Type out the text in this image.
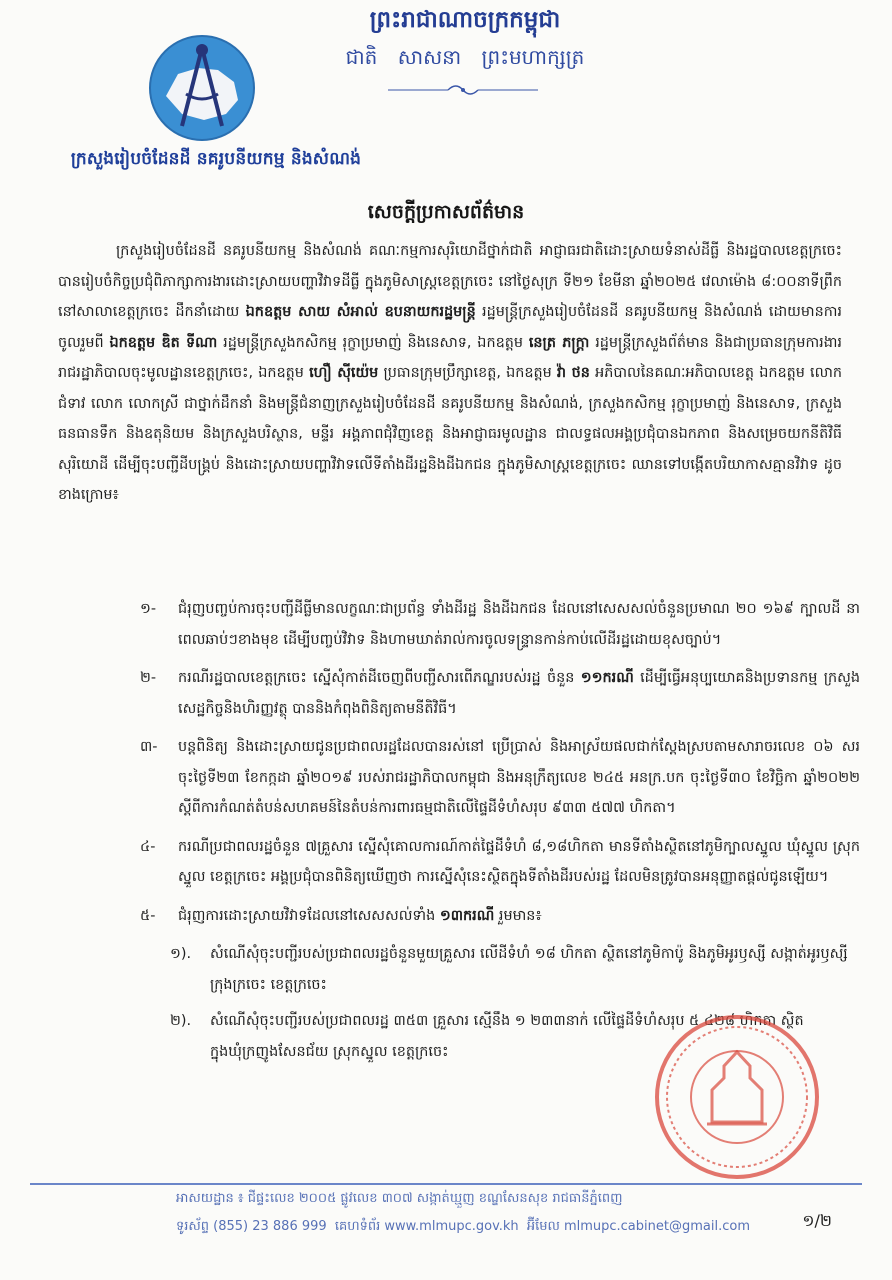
ក្រសួងរៀបចំដែនដី នគរូបនីយកម្ម និងសំណង់
ព្រះរាជាណាចក្រកម្ពុជា
ជាតិ សាសនា ព្រះមហាក្សត្រ
សេចក្តីប្រកាសព័ត៌មាន

ក្រសួងរៀបចំដែនដី នគរូបនីយកម្ម និងសំណង់ គណៈកម្មការសុរិយោដីថ្នាក់ជាតិ អាជ្ញាធរជាតិដោះស្រាយទំនាស់ដីធ្លី និងរដ្ឋបាលខេត្តក្រចេះ បានរៀបចំកិច្ចប្រជុំពិភាក្សាការងារដោះស្រាយបញ្ហាវិវាទដីធ្លី ក្នុងភូមិសាស្ត្រខេត្តក្រចេះ នៅថ្ងៃសុក្រ ទី២១ ខែមីនា ឆ្នាំ២០២៥ វេលាម៉ោង ៨:០០នាទីព្រឹក នៅសាលាខេត្តក្រចេះ ដឹកនាំដោយ ឯកឧត្តម សាយ សំអាល់ ឧបនាយករដ្ឋមន្ត្រី រដ្ឋមន្ត្រីក្រសួងរៀបចំដែនដី នគរូបនីយកម្ម និងសំណង់ ដោយមានការចូលរួមពី ឯកឧត្តម ឌិត ទីណា រដ្ឋមន្ត្រីក្រសួងកសិកម្ម រុក្ខាប្រមាញ់ និងនេសាទ, ឯកឧត្តម នេត្រ ភក្ត្រា រដ្ឋមន្ត្រីក្រសួងព័ត៌មាន និងជាប្រធានក្រុមការងាររាជរដ្ឋាភិបាលចុះមូលដ្ឋានខេត្តក្រចេះ, ឯកឧត្តម ហឿ ស៊ីយ៉េម ប្រធានក្រុមប្រឹក្សាខេត្ត, ឯកឧត្តម វ៉ា ថន អភិបាលនៃគណៈអភិបាលខេត្ត ឯកឧត្តម លោកជំទាវ លោក លោកស្រី ជាថ្នាក់ដឹកនាំ និងមន្ត្រីជំនាញក្រសួងរៀបចំដែនដី នគរូបនីយកម្ម និងសំណង់, ក្រសួងកសិកម្ម រុក្ខាប្រមាញ់ និងនេសាទ, ក្រសួងធនធានទឹក និងឧតុនិយម និងក្រសួងបរិស្ថាន, មន្ទីរ អង្គភាពជុំវិញខេត្ត និងអាជ្ញាធរមូលដ្ឋាន ជាលទ្ធផលអង្គប្រជុំបានឯកភាព និងសម្រេចយកនីតិវិធីសុរិយោដី ដើម្បីចុះបញ្ជីដីបង្គ្រប់ និងដោះស្រាយបញ្ហាវិវាទលើទីតាំងដីរដ្ឋនិងដីឯកជន ក្នុងភូមិសាស្ត្រខេត្តក្រចេះ ឈានទៅបង្កើតបរិយាកាសគ្មានវិវាទ ដូចខាងក្រោម៖

១- ជំរុញបញ្ចប់ការចុះបញ្ជីដីធ្លីមានលក្ខណៈជាប្រព័ន្ធ ទាំងដីរដ្ឋ និងដីឯកជន ដែលនៅសេសសល់ចំនួនប្រមាណ ២០ ១៦៩ ក្បាលដី នាពេលឆាប់ៗខាងមុខ ដើម្បីបញ្ចប់វិវាទ និងហាមឃាត់រាល់ការចូលទន្ទ្រានកាន់កាប់លើដីរដ្ឋដោយខុសច្បាប់។
២- ករណីរដ្ឋបាលខេត្តក្រចេះ ស្នើសុំកាត់ដីចេញពីបញ្ជីសារពើភណ្ឌរបស់រដ្ឋ ចំនួន ១១ករណី ដើម្បីធ្វើអនុប្បយោគនិងប្រទានកម្ម ក្រសួងសេដ្ឋកិច្ចនិងហិរញ្ញវត្ថុ បាននិងកំពុងពិនិត្យតាមនីតិវិធី។
៣- បន្តពិនិត្យ និងដោះស្រាយជូនប្រជាពលរដ្ឋដែលបានរស់នៅ ប្រើប្រាស់ និងអាស្រ័យផលជាក់ស្តែងស្របតាមសារាចរលេខ ០៦ សរ ចុះថ្ងៃទី២៣ ខែកក្កដា ឆ្នាំ២០១៩ របស់រាជរដ្ឋាភិបាលកម្ពុជា និងអនុក្រឹត្យលេខ ២៤៥ អនក្រ.បក ចុះថ្ងៃទី៣០ ខែវិច្ឆិកា ឆ្នាំ២០២២ ស្តីពីការកំណត់តំបន់សហគមន៍នៃតំបន់ការពារធម្មជាតិលើផ្ទៃដីទំហំសរុប ៩៣៣ ៥៧៧ ហិកតា។
៤- ករណីប្រជាពលរដ្ឋចំនួន ៧គ្រួសារ ស្នើសុំគោលការណ៍កាត់ផ្ទៃដីទំហំ ៨,១៨ហិកតា មានទីតាំងស្ថិតនៅភូមិក្បាលស្នួល ឃុំស្នួល ស្រុកស្នួល ខេត្តក្រចេះ អង្គប្រជុំបានពិនិត្យឃើញថា ការស្នើសុំនេះស្ថិតក្នុងទីតាំងដីរបស់រដ្ឋ ដែលមិនត្រូវបានអនុញ្ញាតផ្តល់ជូនឡើយ។
៥- ជំរុញការដោះស្រាយវិវាទដែលនៅសេសសល់ទាំង ១៣ករណី រួមមាន៖
១). សំណើសុំចុះបញ្ជីរបស់ប្រជាពលរដ្ឋចំនួនមួយគ្រួសារ លើដីទំហំ ១៨ ហិកតា ស្ថិតនៅភូមិកាប៉ូ និងភូមិអូរឫស្សី សង្កាត់អូរឫស្សី ក្រុងក្រចេះ ខេត្តក្រចេះ
២). សំណើសុំចុះបញ្ជីរបស់ប្រជាពលរដ្ឋ ៣៥៣ គ្រួសារ ស្មើនឹង ១ ២៣៣នាក់ លើផ្ទៃដីទំហំសរុប ៥ ៤២៨ ហិកតា ស្ថិតក្នុងឃុំក្រញូងសែនជ័យ ស្រុកស្នួល ខេត្តក្រចេះ
អាសយដ្ឋាន ៖ ជីផ្ទះលេខ ២០០៥ ផ្លូវលេខ ៣០៧ សង្កាត់ឃ្មួញ ខណ្ឌសែនសុខ រាជធានីភ្នំពេញ
ទូរស័ព្ទ (855) 23 886 999 គេហទំព័រ www.mlmupc.gov.kh អ៊ីមែល mlmupc.cabinet@gmail.com	១/២
